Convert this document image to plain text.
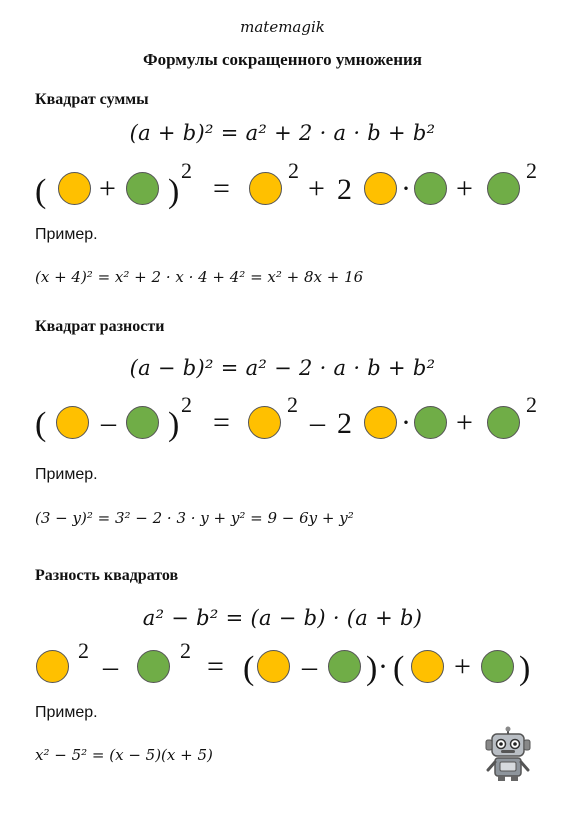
matemagik
Формулы сокращенного умножения
Квадрат суммы
(a + b)² = a² + 2 · a · b + b²
( + )
2
=
2
+ 2 · +
2
Пример.
(x + 4)² = x² + 2 · x · 4 + 4² = x² + 8x + 16
Квадрат разности
(a − b)² = a² − 2 · a · b + b²
( – )
2
=
2
– 2 · +
2
Пример.
(3 − y)² = 3² − 2 · 3 · y + y² = 9 − 6y + y²
Разность квадратов
a² − b² = (a − b) · (a + b)
2 –	2 = ( – ) · ( + )
Пример.
x² − 5² = (x − 5)(x + 5)
